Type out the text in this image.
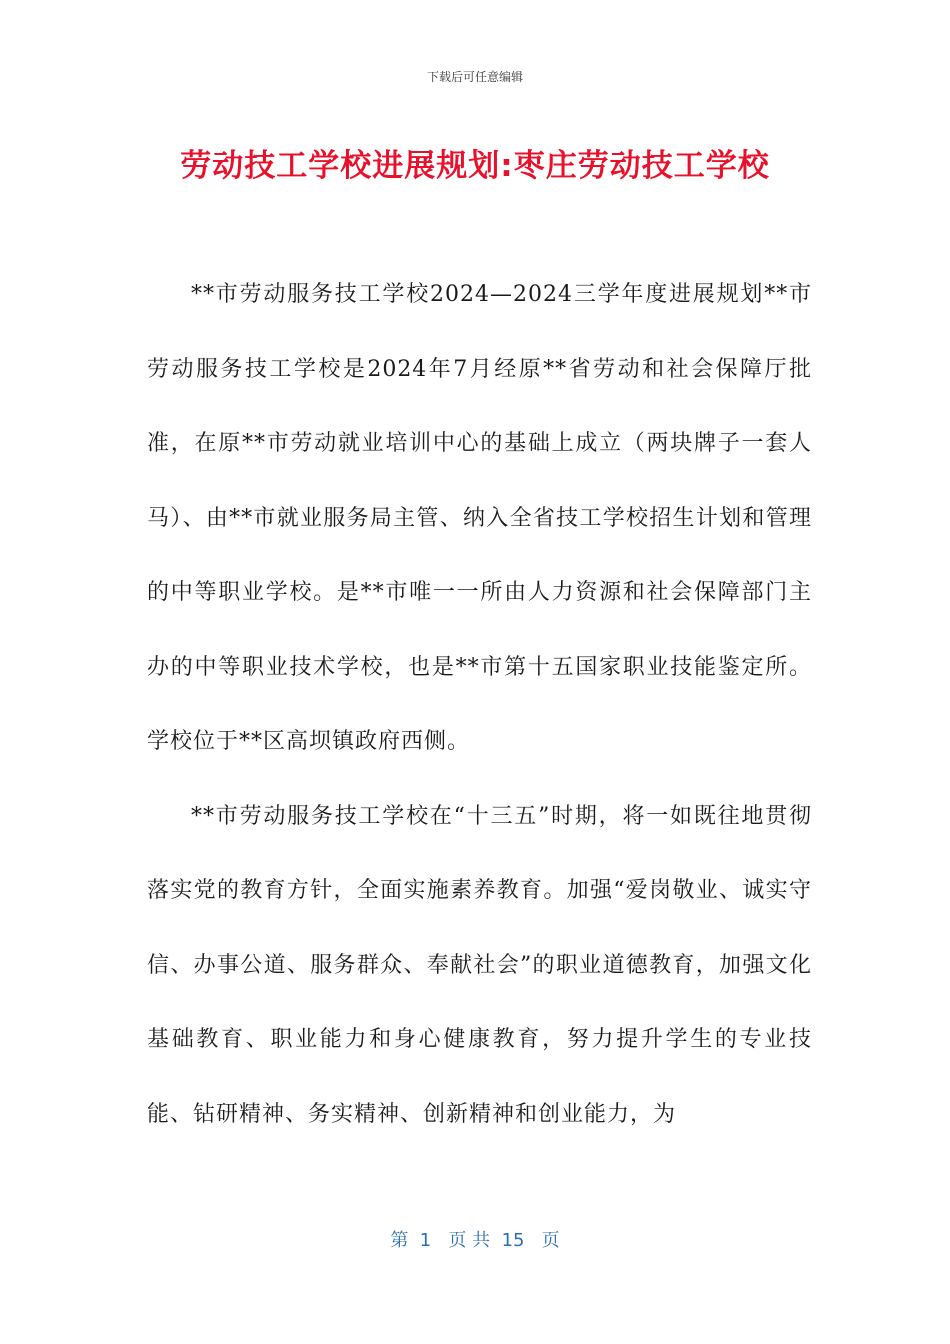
下载后可任意编辑
劳动技工学校进展规划:枣庄劳动技工学校

**市劳动服务技工学校2024—2024三学年度进展规划**市劳动服务技工学校是2024年7月经原**省劳动和社会保障厅批准，在原**市劳动就业培训中心的基础上成立（两块牌子一套人马）、由**市就业服务局主管、纳入全省技工学校招生计划和管理的中等职业学校。是**市唯一一所由人力资源和社会保障部门主办的中等职业技术学校，也是**市第十五国家职业技能鉴定所。学校位于**区高坝镇政府西侧。

**市劳动服务技工学校在“十三五”时期，将一如既往地贯彻落实党的教育方针，全面实施素养教育。加强“爱岗敬业、诚实守信、办事公道、服务群众、奉献社会”的职业道德教育，加强文化基础教育、职业能力和身心健康教育，努力提升学生的专业技能、钻研精神、务实精神、创新精神和创业能力，为

第  1   页 共  15   页
